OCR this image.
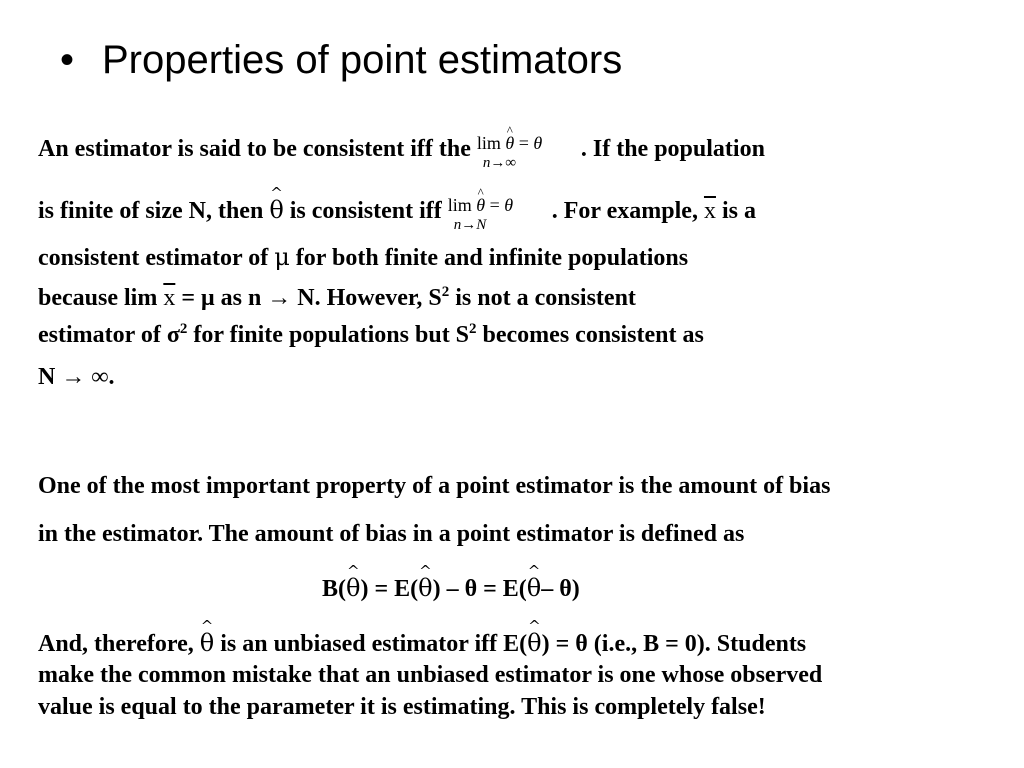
• Properties of point estimators
An estimator is said to be consistent iff the lim ^ θ = θ
n→∞
. If the population
is finite of size N, then ^ θ is consistent iff lim ^ θ = θ
n→N
. For example, $\overline{x}$ is a
consistent estimator of μ for both finite and infinite populations
because $\lim \overline{x} = \mu$ as n → N. However, $S^2$ is not a consistent
estimator of $\sigma^2$ for finite populations but $S^2$ becomes consistent as
N → ∞.
One of the most important property of a point estimator is the amount of bias
in the estimator. The amount of bias in a point estimator is defined as
B(^ θ) = E(^ θ) – θ = E(^ θ– θ)
And, therefore, ^ θ is an unbiased estimator iff E(^ θ) = θ (i.e., B = 0). Students
make the common mistake that an unbiased estimator is one whose observed
value is equal to the parameter it is estimating. This is completely false!
